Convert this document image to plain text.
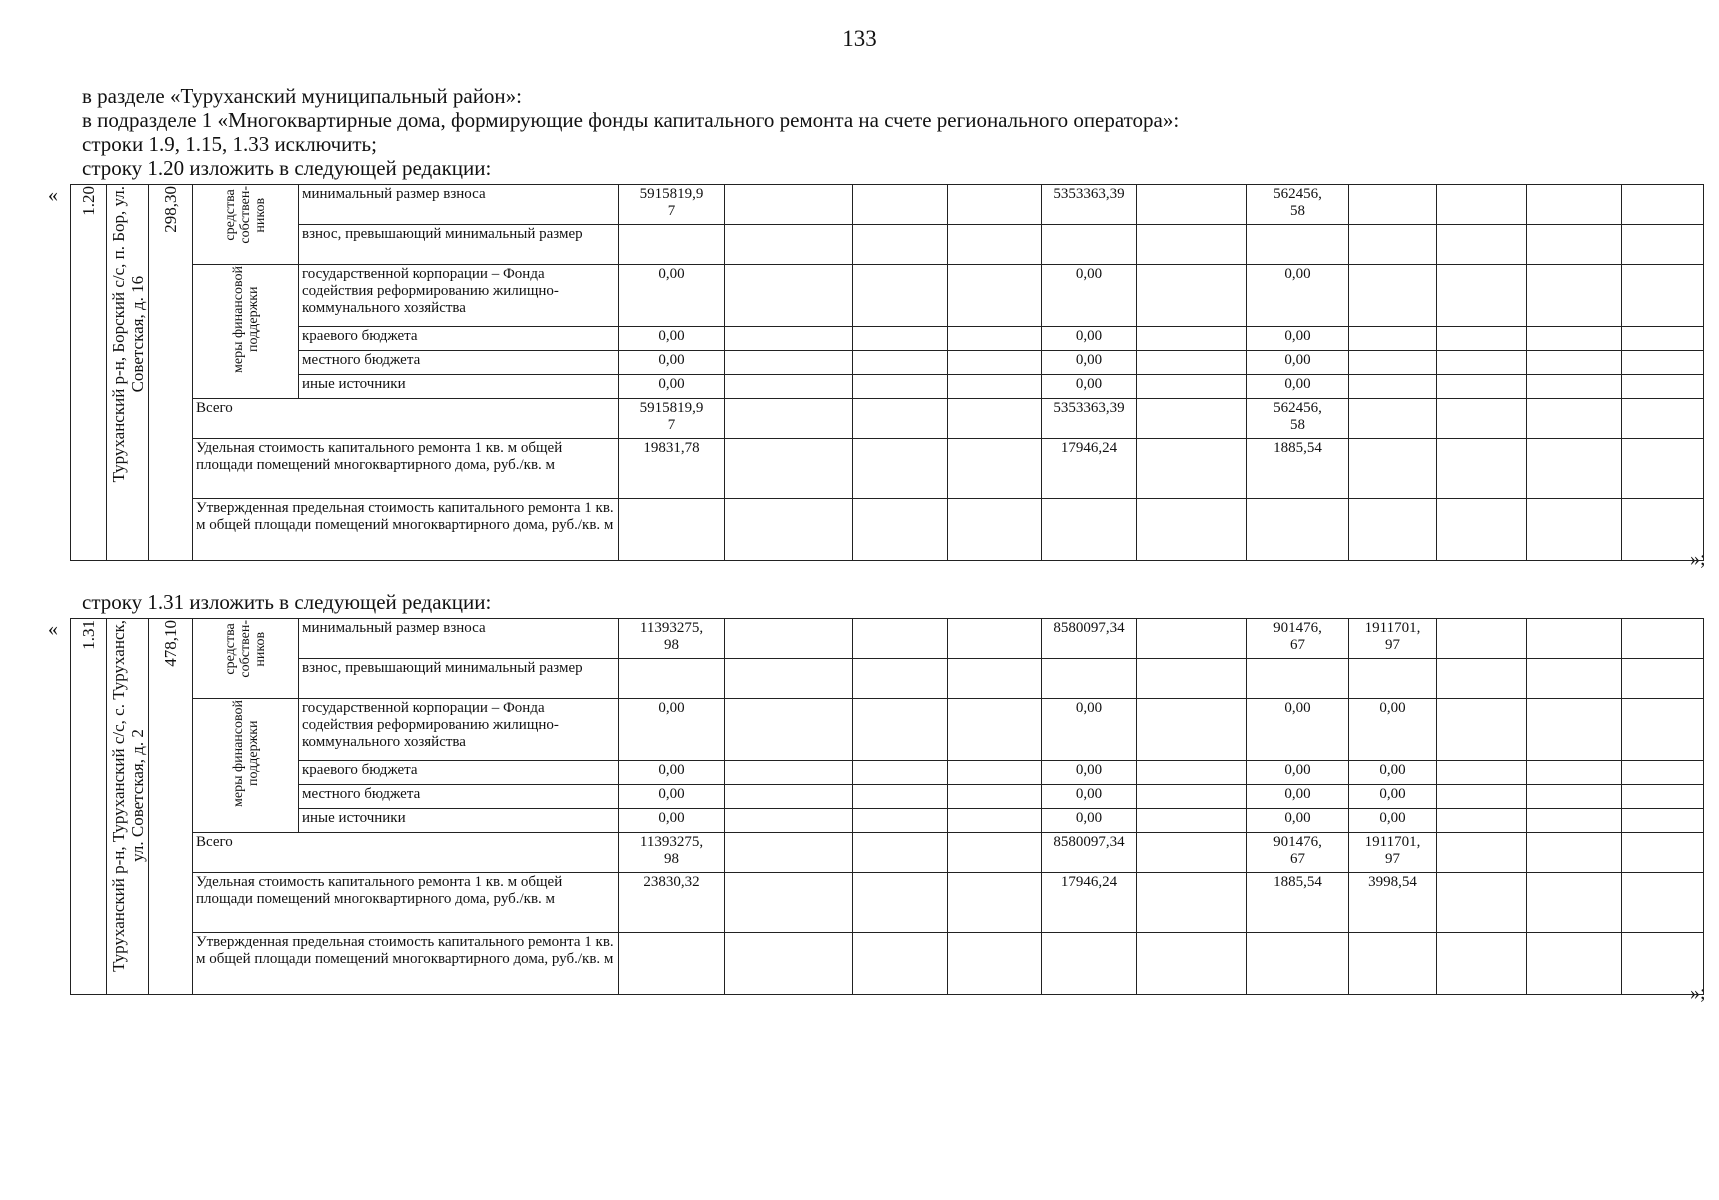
133
в разделе «Туруханский муниципальный район»:
в подразделе 1 «Многоквартирные дома, формирующие фонды капитального ремонта на счете регионального оператора»:
строки 1.9, 1.15, 1.33 исключить;
строку 1.20 изложить в следующей редакции:
«
»;
1.20	Туруханский р-н, Борский с/с, п. Бор, ул.
Советская, д. 16	298,30	средства
собствен-
ников	минимальный размер взноса	5915819,9
7				5353363,39		562456,
58				
				взнос, превышающий минимальный размер											

			меры финансовой
поддержки	государственной корпорации – Фонда содействия реформированию жилищно-коммунального хозяйства	0,00				0,00		0,00				
				краевого бюджета	0,00				0,00		0,00				
				местного бюджета	0,00				0,00		0,00				
				иные источники	0,00				0,00		0,00				
			Всего		5915819,9
7				5353363,39		562456,
58				
			Удельная стоимость капитального ремонта 1 кв. м общей площади помещений многоквартирного дома, руб./кв. м		19831,78				17946,24		1885,54				
			Утвержденная предельная стоимость капитального ремонта 1 кв. м общей площади помещений многоквартирного дома, руб./кв. м												
строку 1.31 изложить в следующей редакции:
«
»;
1.31	Туруханский р-н, Туруханский с/с, с. Туруханск,
ул. Советская, д. 2	478,10	средства
собствен-
ников	минимальный размер взноса	11393275,
98				8580097,34		901476,
67	1911701,
97			
				взнос, превышающий минимальный размер											

			меры финансовой
поддержки	государственной корпорации – Фонда содействия реформированию жилищно-коммунального хозяйства	0,00				0,00		0,00	0,00			
				краевого бюджета	0,00				0,00		0,00	0,00			
				местного бюджета	0,00				0,00		0,00	0,00			
				иные источники	0,00				0,00		0,00	0,00			
			Всего		11393275,
98				8580097,34		901476,
67	1911701,
97			
			Удельная стоимость капитального ремонта 1 кв. м общей площади помещений многоквартирного дома, руб./кв. м		23830,32				17946,24		1885,54	3998,54			
			Утвержденная предельная стоимость капитального ремонта 1 кв. м общей площади помещений многоквартирного дома, руб./кв. м												
